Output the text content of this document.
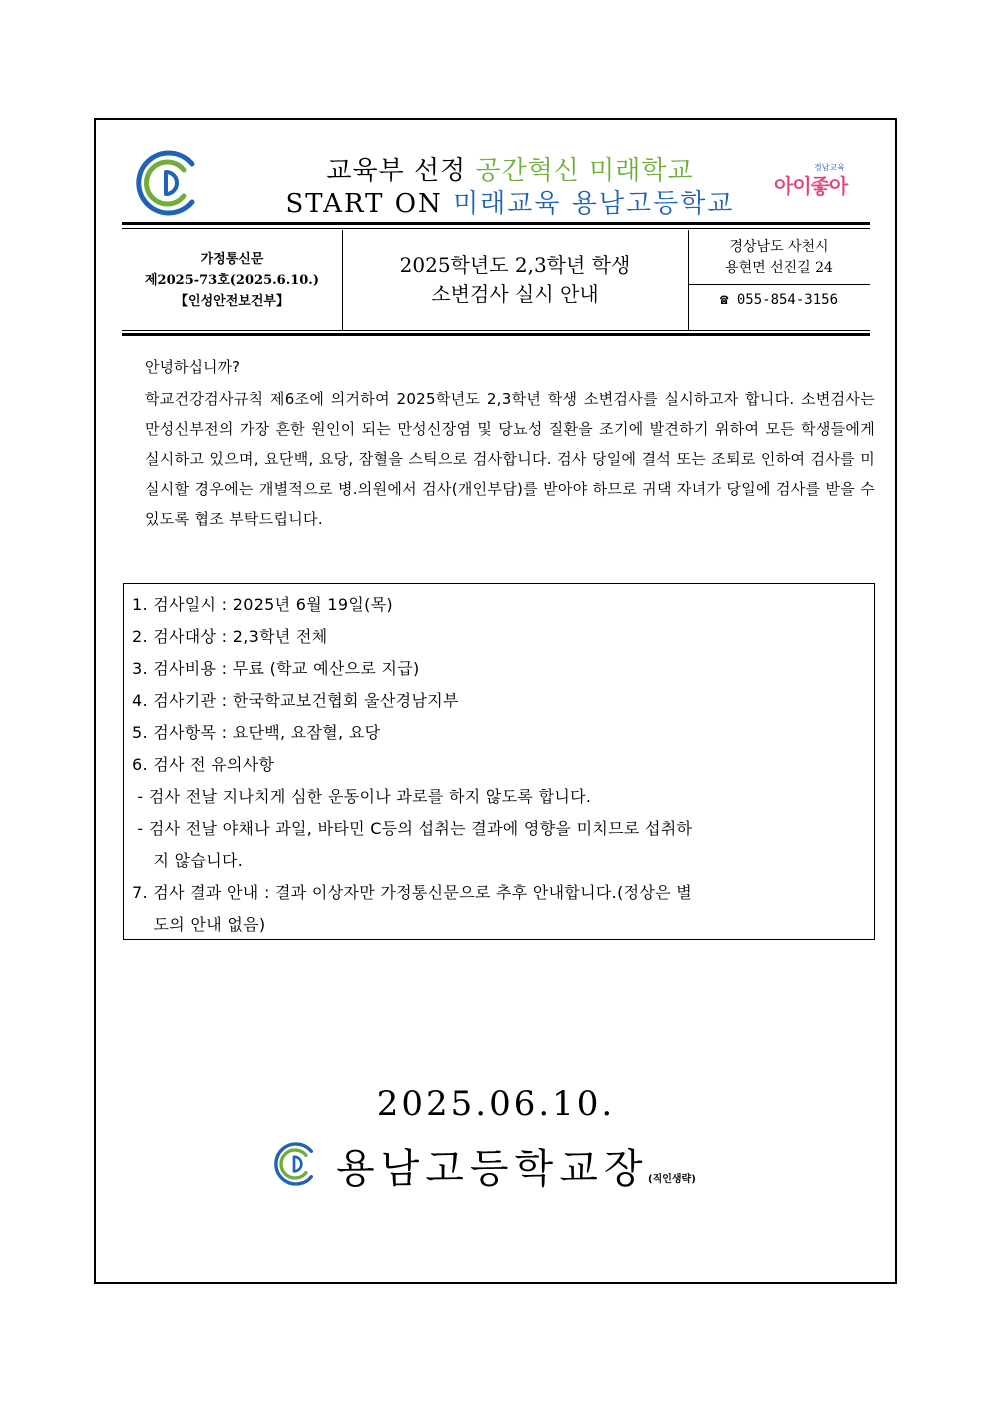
교육부 선정 공간혁신 미래학교
START ON 미래교육 용남고등학교
경남교육
아이좋아
가정통신문
제2025-73호(2025.6.10.)
【인성안전보건부】
2025학년도 2,3학년 학생
소변검사 실시 안내
경상남도 사천시
용현면 선진길 24
☎ 055-854-3156
안녕하십니까?
학교건강검사규칙 제6조에 의거하여 2025학년도 2,3학년 학생 소변검사를 실시하고자 합니다. 소변검사는 만성신부전의 가장 흔한 원인이 되는 만성신장염 및 당뇨성 질환을 조기에 발견하기 위하여 모든 학생들에게 실시하고 있으며, 요단백, 요당, 잠혈을 스틱으로 검사합니다. 검사 당일에 결석 또는 조퇴로 인하여 검사를 미실시할 경우에는 개별적으로 병.의원에서 검사(개인부담)를 받아야 하므로 귀댁 자녀가 당일에 검사를 받을 수 있도록 협조 부탁드립니다.
1. 검사일시 : 2025년 6월 19일(목)
2. 검사대상 : 2,3학년 전체
3. 검사비용 : 무료 (학교 예산으로 지급)
4. 검사기관 : 한국학교보건협회 울산경남지부
5. 검사항목 : 요단백, 요잠혈, 요당
6. 검사 전 유의사항
- 검사 전날 지나치게 심한 운동이나 과로를 하지 않도록 합니다.
- 검사 전날 야채나 과일, 바타민 C등의 섭취는 결과에 영향을 미치므로 섭취하
지 않습니다.
7. 검사 결과 안내 : 결과 이상자만 가정통신문으로 추후 안내합니다.(정상은 별
도의 안내 없음)
2025.06.10.
용남고등학교장 (직인생략)
